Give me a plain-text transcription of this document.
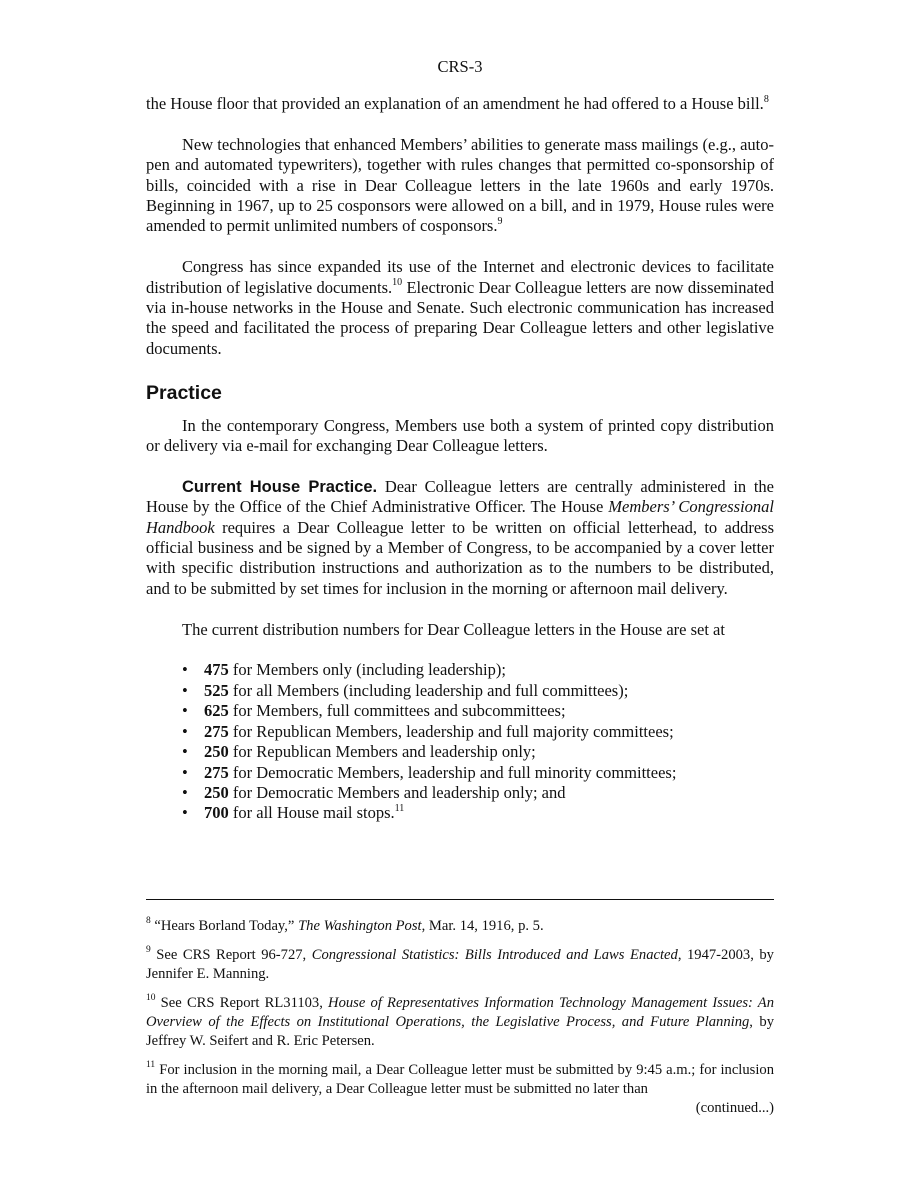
CRS-3

the House floor that provided an explanation of an amendment he had offered to a House bill.$^8$

New technologies that enhanced Members’ abilities to generate mass mailings (e.g., auto-pen and automated typewriters), together with rules changes that permitted co-sponsorship of bills, coincided with a rise in Dear Colleague letters in the late 1960s and early 1970s. Beginning in 1967, up to 25 cosponsors were allowed on a bill, and in 1979, House rules were amended to permit unlimited numbers of cosponsors.$^9$

Congress has since expanded its use of the Internet and electronic devices to facilitate distribution of legislative documents.$^{10}$ Electronic Dear Colleague letters are now disseminated via in-house networks in the House and Senate. Such electronic communication has increased the speed and facilitated the process of preparing Dear Colleague letters and other legislative documents.

Practice

In the contemporary Congress, Members use both a system of printed copy distribution or delivery via e-mail for exchanging Dear Colleague letters.

Current House Practice. Dear Colleague letters are centrally administered in the House by the Office of the Chief Administrative Officer. The House Members’ Congressional Handbook requires a Dear Colleague letter to be written on official letterhead, to address official business and be signed by a Member of Congress, to be accompanied by a cover letter with specific distribution instructions and authorization as to the numbers to be distributed, and to be submitted by set times for inclusion in the morning or afternoon mail delivery.

The current distribution numbers for Dear Colleague letters in the House are set at

• 475 for Members only (including leadership);
• 525 for all Members (including leadership and full committees);
• 625 for Members, full committees and subcommittees;
• 275 for Republican Members, leadership and full majority committees;
• 250 for Republican Members and leadership only;
• 275 for Democratic Members, leadership and full minority committees;
• 250 for Democratic Members and leadership only; and
• 700 for all House mail stops.$^{11}$

$^8$ “Hears Borland Today,” The Washington Post, Mar. 14, 1916, p. 5.

$^9$ See CRS Report 96-727, Congressional Statistics: Bills Introduced and Laws Enacted, 1947-2003, by Jennifer E. Manning.

$^{10}$ See CRS Report RL31103, House of Representatives Information Technology Management Issues: An Overview of the Effects on Institutional Operations, the Legislative Process, and Future Planning, by Jeffrey W. Seifert and R. Eric Petersen.

$^{11}$ For inclusion in the morning mail, a Dear Colleague letter must be submitted by 9:45 a.m.; for inclusion in the afternoon mail delivery, a Dear Colleague letter must be submitted no later than

(continued...)
